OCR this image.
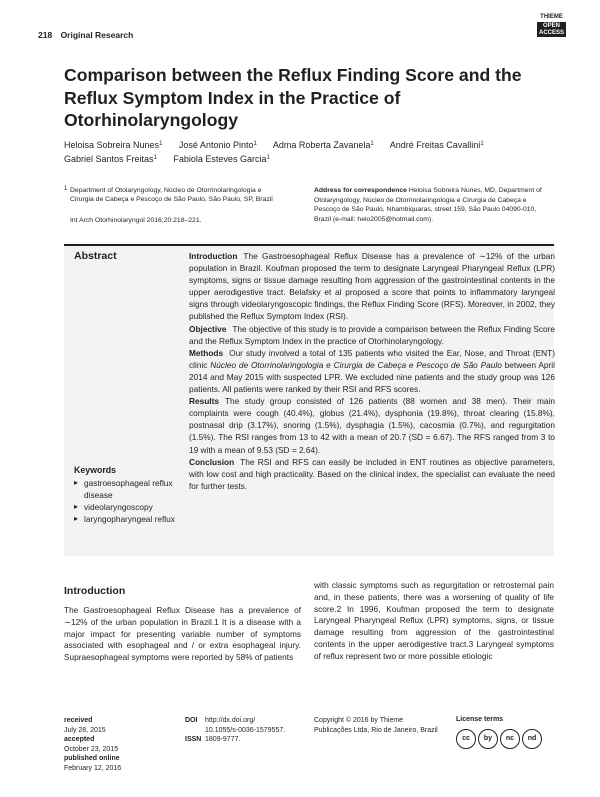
218 Original Research
THIEME
OPEN
ACCESS
Comparison between the Reflux Finding Score and the Reflux Symptom Index in the Practice of Otorhinolaryngology
Heloisa Sobreira Nunes$^1$ José Antonio Pinto$^1$ Adma Roberta Zavanela$^1$ André Freitas Cavallini$^1$
Gabriel Santos Freitas$^1$ Fabiola Esteves Garcia$^1$
$^1$ Department of Otolaryngology, Núcleo de Otorrinolaringologia e Cirurgia de Cabeça e Pescoço de São Paulo, São Paulo, SP, Brazil
Int Arch Otorhinolaryngol 2016;20:218–221.
Address for correspondence Heloisa Sobreira Nunes, MD, Department of Otolaryngology, Núcleo de Otorrinolaringologia e Cirurgia de Cabeça e Pescoço de São Paulo, Nhambiquaras, street 159, São Paulo 04090-010, Brazil (e-mail: helo2005@hotmail.com).
Abstract	Introduction The Gastroesophageal Reflux Disease has a prevalence of ∼12% of the urban population in Brazil. Koufman proposed the term to designate Laryngeal Pharyngeal Reflux (LPR) symptoms, signs or tissue damage resulting from aggression of the gastrointestinal contents in the upper aerodigestive tract. Belafsky et al proposed a score that points to inflammatory laryngeal signs through videolaryngoscopic findings, the Reflux Finding Score (RFS). Moreover, in 2002, they published the Reflux Symptom Index (RSI).

Objective The objective of this study is to provide a comparison between the Reflux Finding Score and the Reflux Symptom Index in the practice of Otorhinolaryngology.

Methods Our study involved a total of 135 patients who visited the Ear, Nose, and Throat (ENT) clinic Núcleo de Otorrinolaringologia e Cirurgia de Cabeça e Pescoço de São Paulo between April 2014 and May 2015 with suspected LPR. We excluded nine patients and the study group was 126 patients. All patients were ranked by their RSI and RFS scores.

Results The study group consisted of 126 patients (88 women and 38 men). Their main complaints were cough (40.4%), globus (21.4%), dysphonia (19.8%), throat clearing (15.8%), postnasal drip (3.17%), snoring (1.5%), dysphagia (1.5%), cacosmia (0.7%), and regurgitation (1.5%). The RSI ranges from 13 to 42 with a mean of 20.7 (SD = 6.67). The RFS ranged from 3 to 19 with a mean of 9.53 (SD = 2.64).

Conclusion The RSI and RFS can easily be included in ENT routines as objective parameters, with low cost and high practicality. Based on the clinical index, the specialist can evaluate the need for further tests.

Keywords
▸ gastroesophageal reflux disease
▸ videolaryngoscopy
▸ laryngopharyngeal reflux
Introduction

The Gastroesophageal Reflux Disease has a prevalence of ∼12% of the urban population in Brazil.1 It is a disease with a major impact for presenting variable number of symptoms associated with esophageal and / or extra esophageal injury. Supraesophageal symptoms were reported by 58% of patients

with classic symptoms such as regurgitation or retrosternal pain and, in these patients, there was a worsening of quality of life score.2 In 1996, Koufman proposed the term to designate Laryngeal Pharyngeal Reflux (LPR) symptoms, signs, or tissue damage resulting from aggression of the gastrointestinal contents in the upper aerodigestive tract.3 Laryngeal symptoms of reflux represent two or more possible etiologic

received
July 28, 2015
accepted
October 23, 2015
published online
February 12, 2016
DOI http://dx.doi.org/
10.1055/s-0036-1579557.
ISSN 1809-9777.
Copyright © 2016 by Thieme Publicações Ltda, Rio de Janeiro, Brazil
License terms
cc	by	nc	nd
